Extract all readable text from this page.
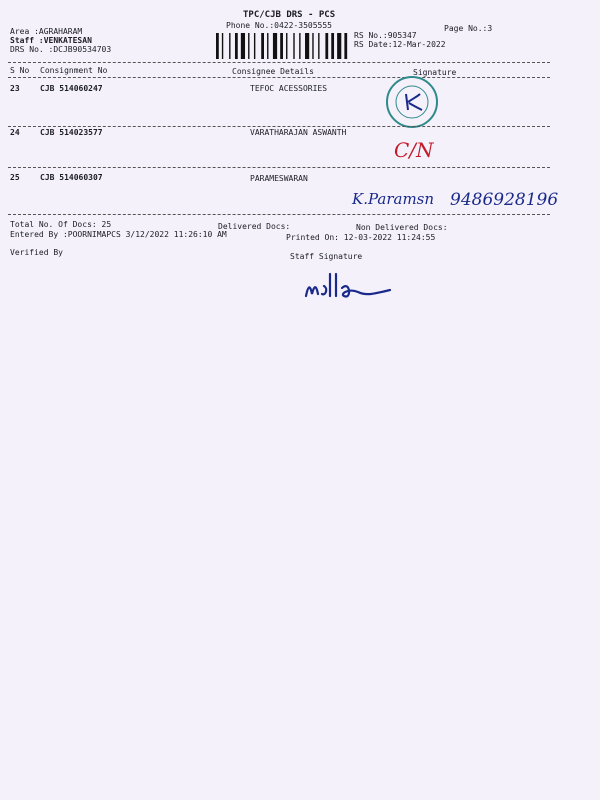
TPC/CJB DRS - PCS
Phone No.:0422-3505555	Page No.:3
Area :AGRAHARAM
Staff :VENKATESAN
DRS No. :DCJB90534703
RS No.:905347
RS Date:12-Mar-2022
S No Consignment No	Consignee Details	Signature
23	CJB 514060247	TEFOC ACESSORIES
24	CJB 514023577	VARATHARAJAN ASWANTH
C/N
25	CJB 514060307	PARAMESWARAN
K.Paramsn 9486928196
Total No. Of Docs: 25	Delivered Docs:	Non Delivered Docs:
Entered By :POORNIMAPCS 3/12/2022 11:26:10 AM	Printed On: 12-03-2022 11:24:55
Verified By	Staff Signature
